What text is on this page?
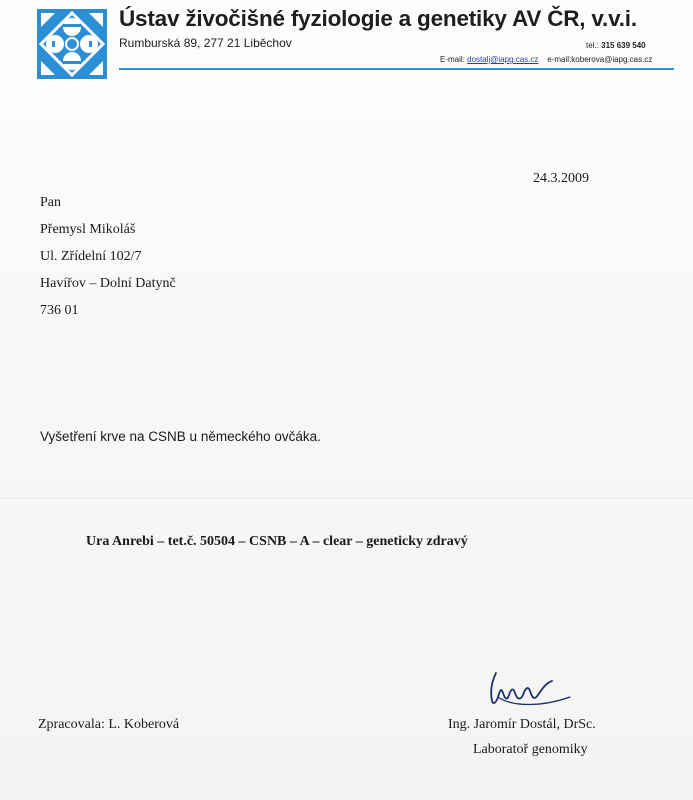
Ústav živočišné fyziologie a genetiky AV ČR, v.v.i.
Rumburská 89, 277 21 Liběchov	tel.: 315 639 540
E-mail: dostalj@iapg.cas.cz e-mail:koberova@iapg.cas.cz
24.3.2009
Pan
Přemysl Mikoláš
Ul. Zřídelní 102/7
Havířov – Dolní Datynč
736 01
Vyšetření krve na CSNB u německého ovčáka.
Ura Anrebi – tet.č. 50504 – CSNB – A – clear – geneticky zdravý
Zpracovala: L. Koberová	Ing. Jaromír Dostál, DrSc.
Laboratoř genomiky
